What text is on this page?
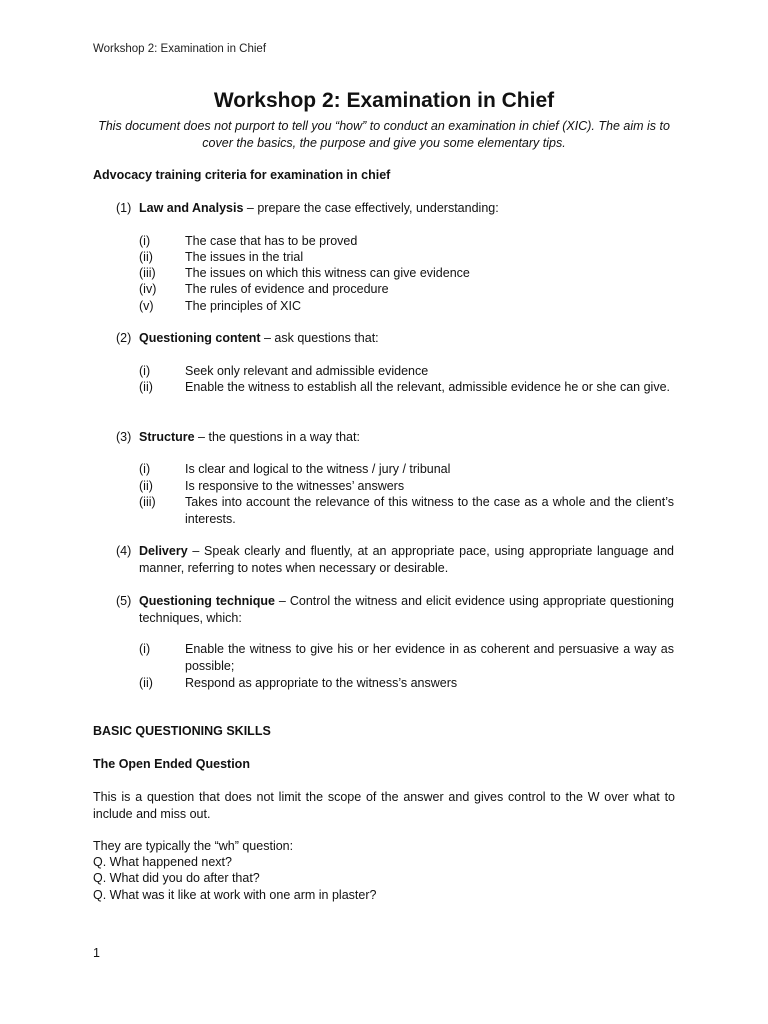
Workshop 2: Examination in Chief
Workshop 2: Examination in Chief
This document does not purport to tell you “how” to conduct an examination in chief (XIC). The aim is to cover the basics, the purpose and give you some elementary tips.
Advocacy training criteria for examination in chief
(1) Law and Analysis – prepare the case effectively, understanding:
(i)	The case that has to be proved
(ii)	The issues in the trial
(iii) The issues on which this witness can give evidence
(iv) The rules of evidence and procedure
(v)	The principles of XIC
(2) Questioning content – ask questions that:
(i)	Seek only relevant and admissible evidence
(ii)	Enable the witness to establish all the relevant, admissible evidence he or she can give.
(3) Structure – the questions in a way that:
(i)	Is clear and logical to the witness / jury / tribunal
(ii)	Is responsive to the witnesses’ answers
(iii) Takes into account the relevance of this witness to the case as a whole and the client’s interests.
(4) Delivery – Speak clearly and fluently, at an appropriate pace, using appropriate language and manner, referring to notes when necessary or desirable.
(5) Questioning technique – Control the witness and elicit evidence using appropriate questioning techniques, which:
(i)	Enable the witness to give his or her evidence in as coherent and persuasive a way as possible;
(ii)	Respond as appropriate to the witness’s answers
BASIC QUESTIONING SKILLS
The Open Ended Question
This is a question that does not limit the scope of the answer and gives control to the W over what to include and miss out.
They are typically the “wh” question:
Q. What happened next?
Q. What did you do after that?
Q. What was it like at work with one arm in plaster?
1
